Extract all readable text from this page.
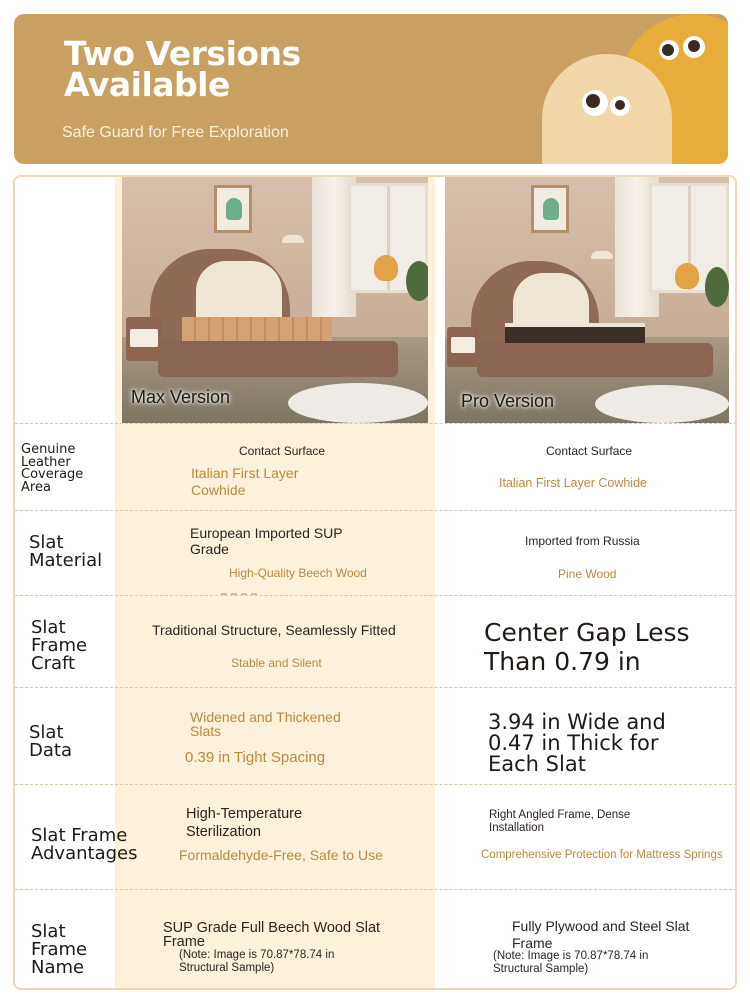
Two Versions Available
Safe Guard for Free Exploration
Max Version	Pro Version
Genuine Leather Coverage Area
Contact Surface
Italian First Layer Cowhide
Contact Surface
Italian First Layer Cowhide
Slat Material
European Imported SUP Grade
High-Quality Beech Wood
Imported from Russia
Pine Wood
Slat Frame Craft
Traditional Structure, Seamlessly Fitted
Stable and Silent
Center Gap Less Than 0.79 in
Slat Data
Widened and Thickened Slats
0.39 in Tight Spacing
3.94 in Wide and 0.47 in Thick for Each Slat
Slat Frame Advantages
High-Temperature Sterilization
Formaldehyde-Free, Safe to Use
Right Angled Frame, Dense Installation
Comprehensive Protection for Mattress Springs
Slat Frame Name
SUP Grade Full Beech Wood Slat Frame
(Note: Image is 70.87*78.74 in Structural Sample)
Fully Plywood and Steel Slat Frame
(Note: Image is 70.87*78.74 in Structural Sample)
